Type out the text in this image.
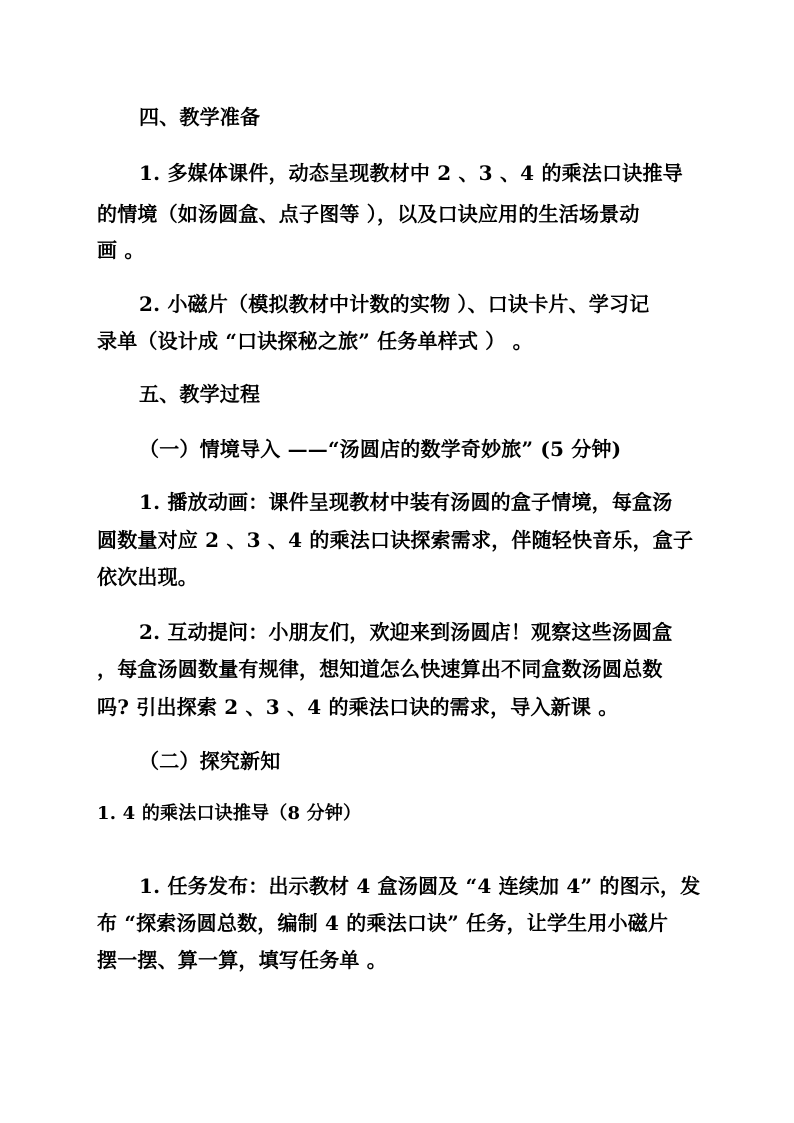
四、教学准备
1. 多媒体课件，动态呈现教材中 2 、3 、4 的乘法口诀推导
的情境（如汤圆盒、点子图等 ），以及口诀应用的生活场景动
画 。
2. 小磁片（模拟教材中计数的实物 ）、口诀卡片、学习记
录单（设计成 “口诀探秘之旅” 任务单样式 ） 。
五、教学过程
（一）情境导入 ——“汤圆店的数学奇妙旅” (5 分钟)
1. 播放动画：课件呈现教材中装有汤圆的盒子情境，每盒汤
圆数量对应 2 、3 、4 的乘法口诀探索需求，伴随轻快音乐，盒子
依次出现。
2. 互动提问：小朋友们，欢迎来到汤圆店！观察这些汤圆盒
，每盒汤圆数量有规律，想知道怎么快速算出不同盒数汤圆总数
吗? 引出探索 2 、3 、4 的乘法口诀的需求，导入新课 。
（二）探究新知
1. 4 的乘法口诀推导（8 分钟）
1. 任务发布：出示教材 4 盒汤圆及 “4 连续加 4” 的图示，发
布 “探索汤圆总数，编制 4 的乘法口诀” 任务，让学生用小磁片
摆一摆、算一算，填写任务单 。
